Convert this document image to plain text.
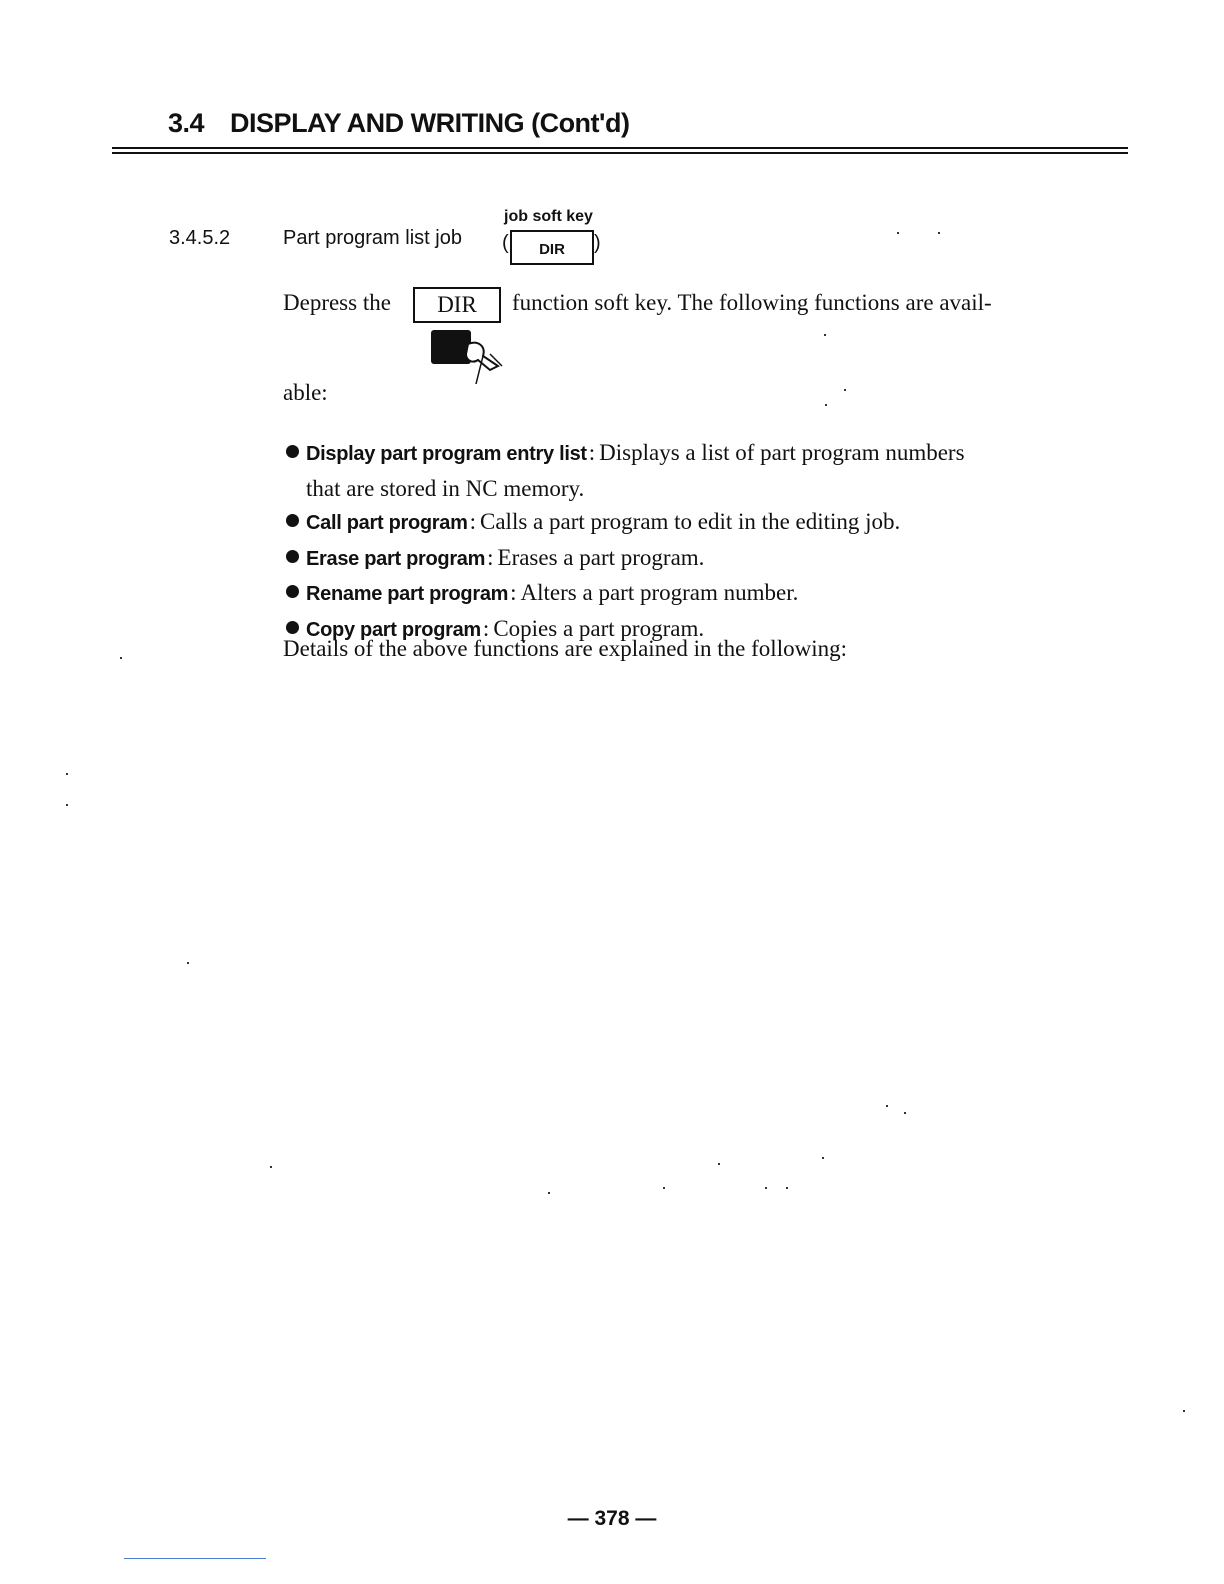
3.4 DISPLAY AND WRITING (Cont'd)
3.4.5.2	Part program list job
job soft key
(	DIR	)
Depress the	DIR	function soft key. The following functions are avail-
able:
Display part program entry list: Displays a list of part program numbers
that are stored in NC memory.
Call part program: Calls a part program to edit in the editing job.
Erase part program: Erases a part program.
Rename part program: Alters a part program number.
Copy part program: Copies a part program.
Details of the above functions are explained in the following:
— 378 —
